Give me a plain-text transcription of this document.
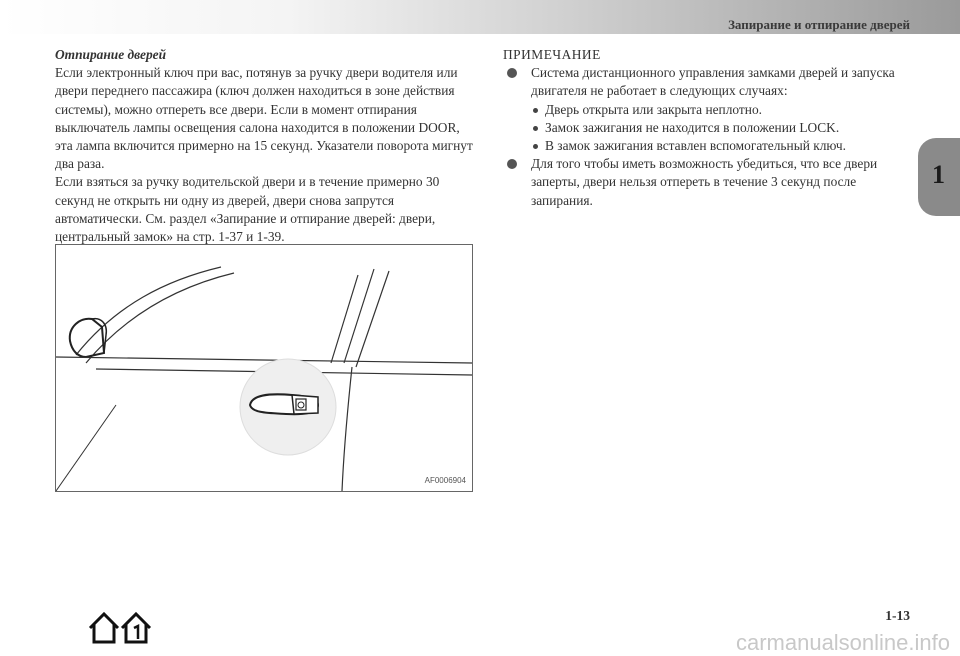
Запирание и отпирание дверей
Отпирание дверей

Если электронный ключ при вас, потянув за ручку двери водителя или двери переднего пассажира (ключ должен находиться в зоне действия системы), можно отпереть все двери. Если в момент отпирания выключатель лампы освещения салона находится в положении DOOR, эта лампа включится примерно на 15 секунд. Указатели поворота мигнут два раза.

Если взяться за ручку водительской двери и в течение примерно 30 секунд не открыть ни одну из дверей, двери снова запрутся автоматически. См. раздел «Запирание и отпирание дверей: двери, центральный замок» на стр. 1-37 и 1-39.

AF0006904
ПРИМЕЧАНИЕ
Система дистанционного управления замками дверей и запуска двигателя не работает в следующих случаях:
Дверь открыта или закрыта неплотно.
Замок зажигания не находится в положении LOCK.
В замок зажигания вставлен вспомогательный ключ.
Для того чтобы иметь возможность убедиться, что все двери заперты, двери нельзя отпереть в течение 3 секунд после запирания.
1
1-13
carmanualsonline.info
